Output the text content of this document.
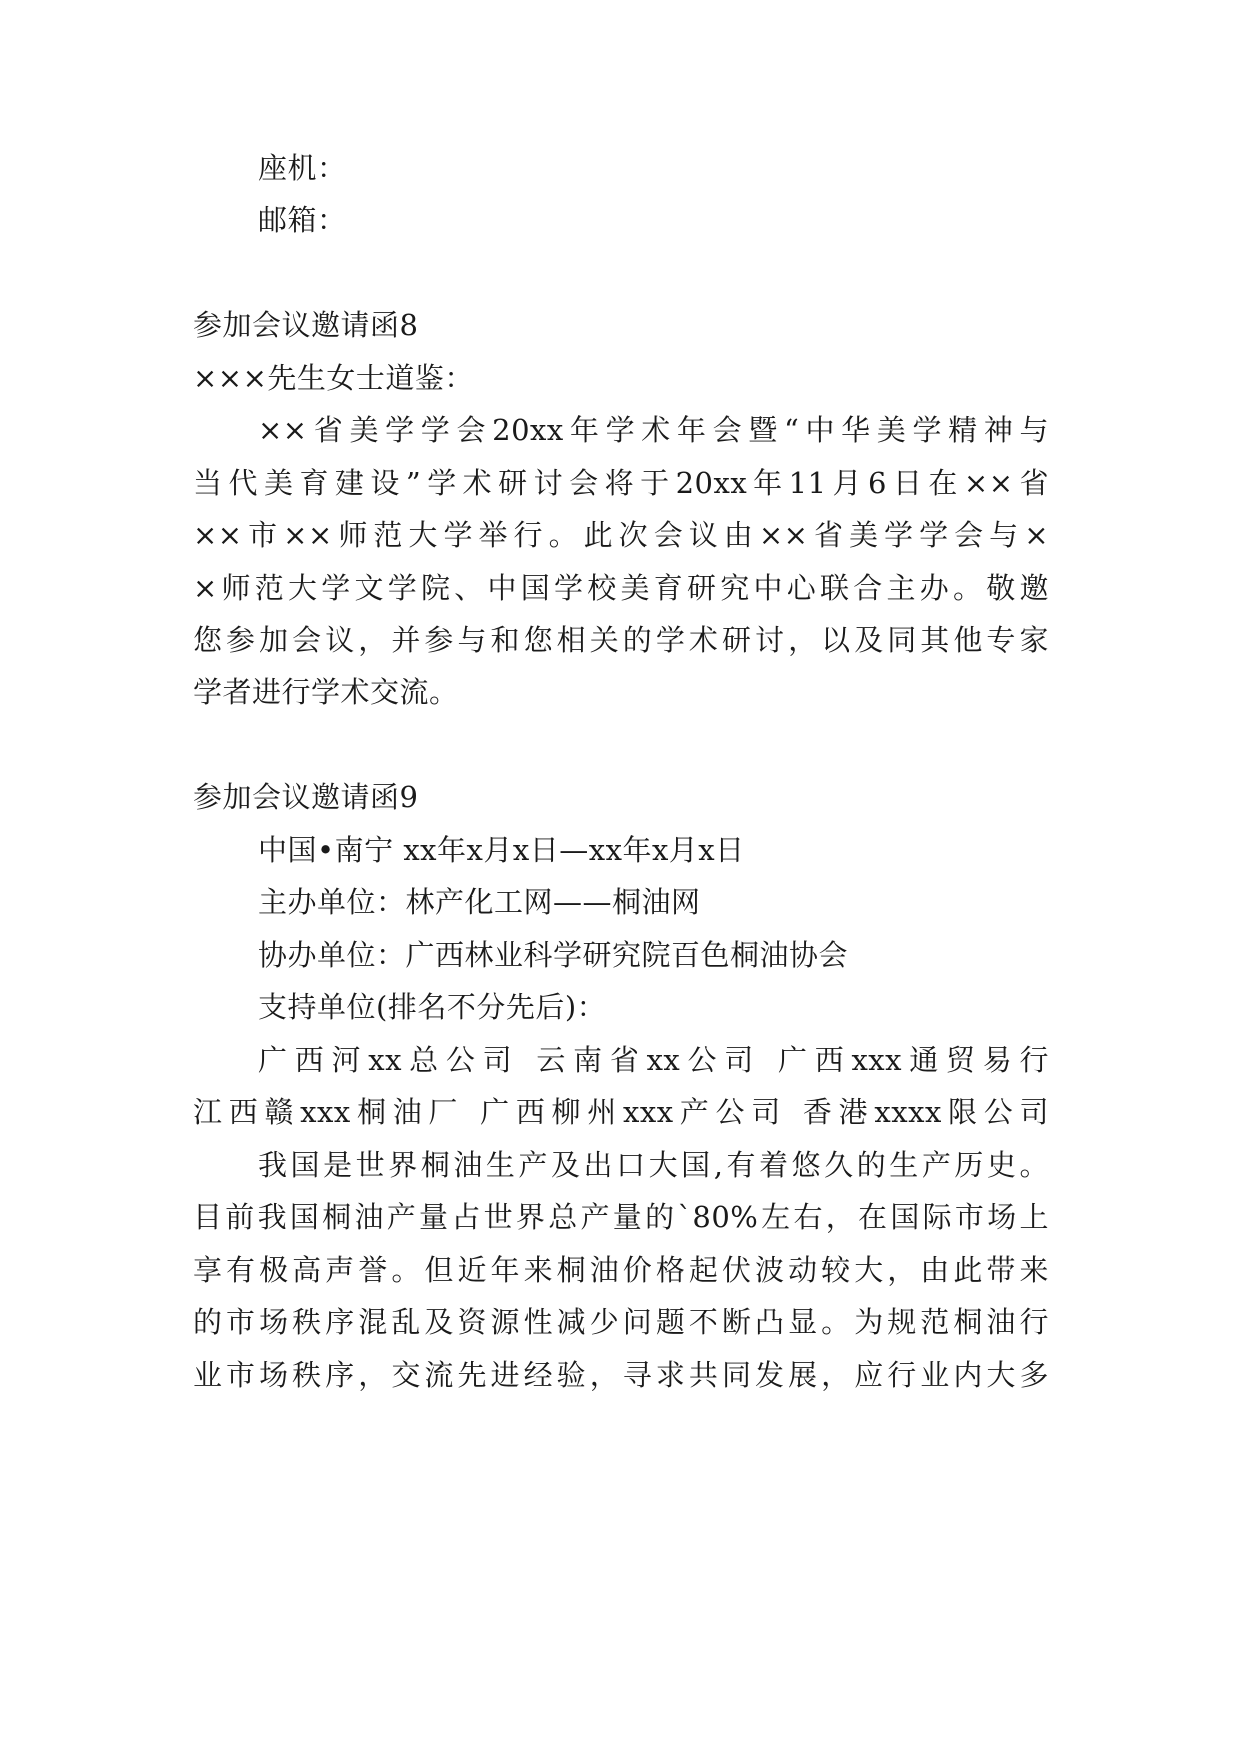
座机：
邮箱：
参加会议邀请函8
×××先生女士道鉴：
××省美学学会20xx年学术年会暨“中华美学精神与
当代美育建设”学术研讨会将于20xx年11月6日在××省
××市××师范大学举行。此次会议由××省美学学会与×
×师范大学文学院、中国学校美育研究中心联合主办。敬邀
您参加会议，并参与和您相关的学术研讨，以及同其他专家
学者进行学术交流。
参加会议邀请函9
中国•南宁 xx年x月x日—xx年x月x日
主办单位：林产化工网——桐油网
协办单位：广西林业科学研究院百色桐油协会
支持单位(排名不分先后)：
广西河xx总公司 云南省xx公司 广西xxx通贸易行
江西赣xxx桐油厂 广西柳州xxx产公司 香港xxxx限公司
我国是世界桐油生产及出口大国,有着悠久的生产历史。
目前我国桐油产量占世界总产量的`80%左右，在国际市场上
享有极高声誉。但近年来桐油价格起伏波动较大，由此带来
的市场秩序混乱及资源性减少问题不断凸显。为规范桐油行
业市场秩序，交流先进经验，寻求共同发展，应行业内大多
